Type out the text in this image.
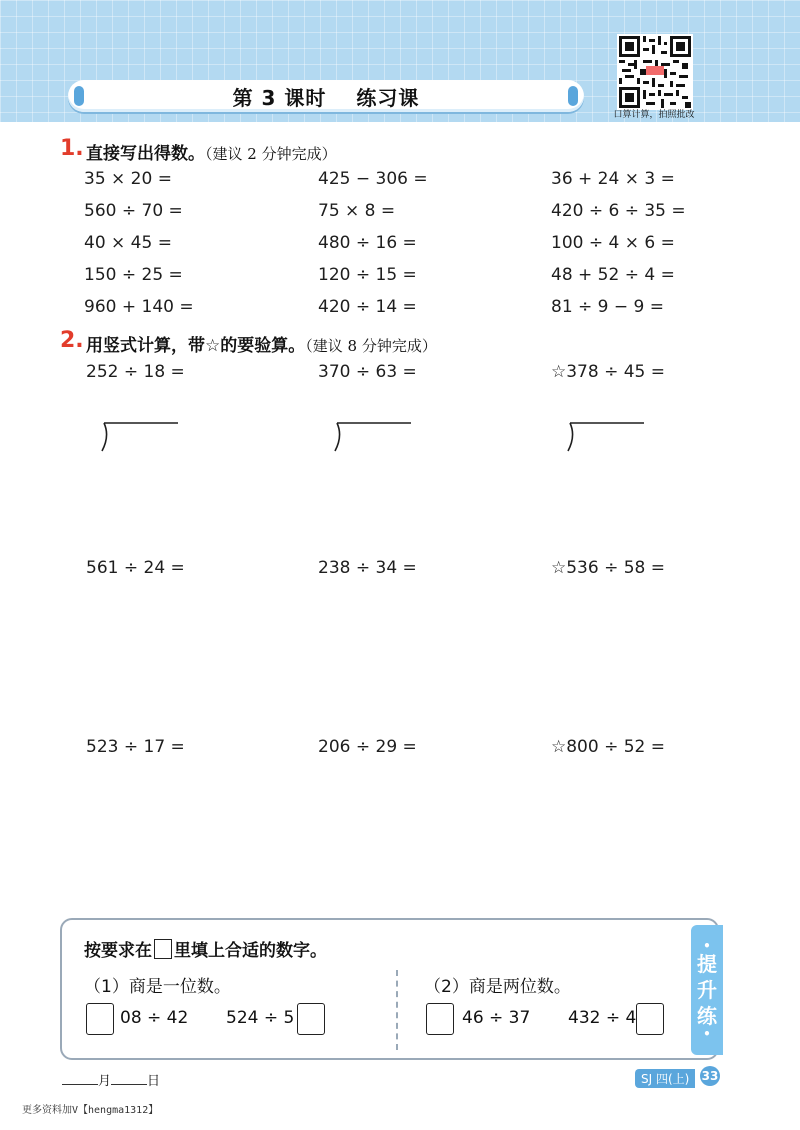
第 3 课时 练习课
口算计算，拍照批改
1. 直接写出得数。（建议 2 分钟完成）
35 × 20 =	425 − 306 =	36 + 24 × 3 =
560 ÷ 70 =	75 × 8 =	420 ÷ 6 ÷ 35 =
40 × 45 =	480 ÷ 16 =	100 ÷ 4 × 6 =
150 ÷ 25 =	120 ÷ 15 =	48 + 52 ÷ 4 =
960 + 140 =	420 ÷ 14 =	81 ÷ 9 − 9 =
2. 用竖式计算，带☆的要验算。（建议 8 分钟完成）
252 ÷ 18 =	370 ÷ 63 =	☆378 ÷ 45 =
561 ÷ 24 =	238 ÷ 34 =	☆536 ÷ 58 =
523 ÷ 17 =	206 ÷ 29 =	☆800 ÷ 52 =
按要求在 里填上合适的数字。
（1）商是一位数。
08 ÷ 42 524 ÷ 5
（2）商是两位数。
46 ÷ 37 432 ÷ 4
•
提
升
练
•
月	日	SJ 四(上)	33
更多资料加V【hengma1312】
